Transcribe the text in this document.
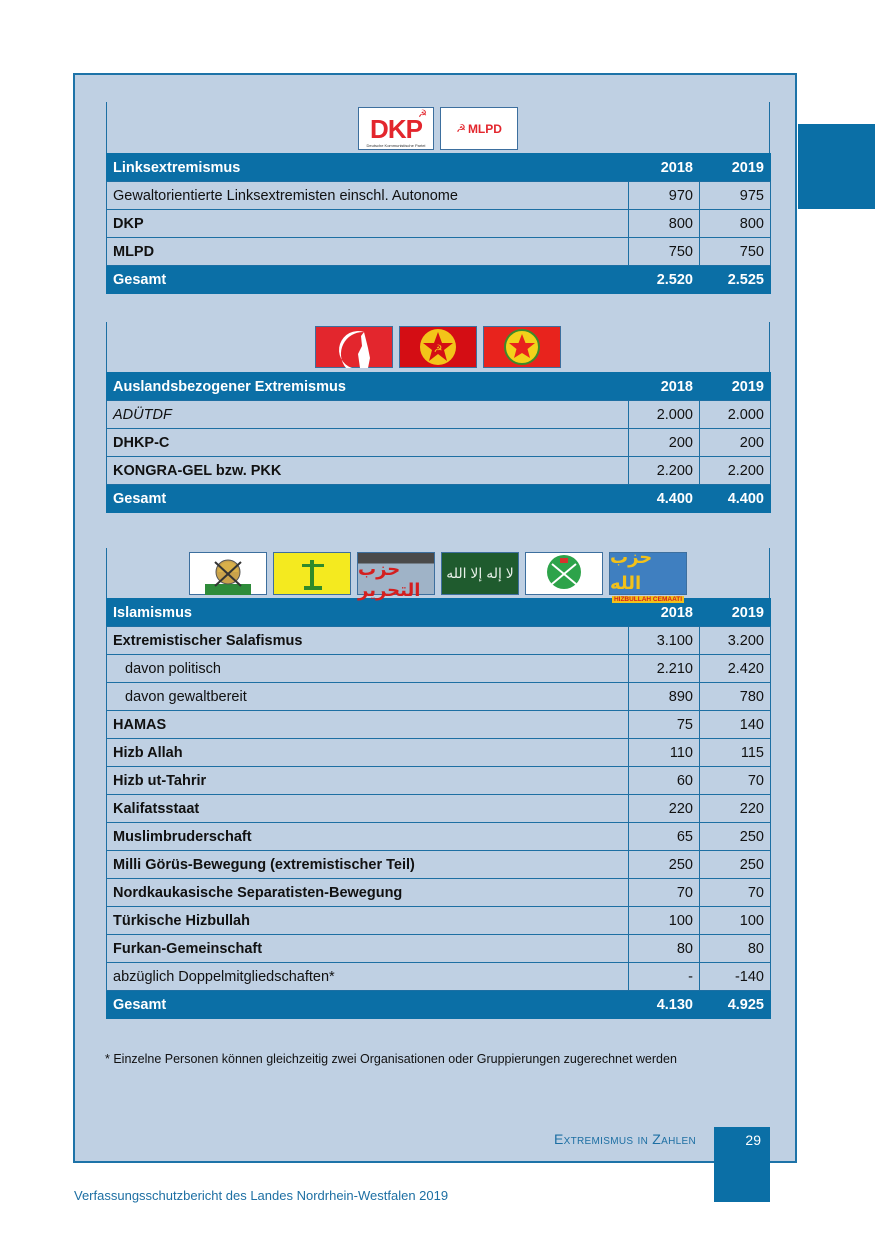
☭
DKP
Deutsche Kommunistische Partei
☭ MLPD
Linksextremismus	2018	2019
Gewaltorientierte Linksextremisten einschl. Autonome	970	975
DKP	800	800
MLPD	750	750
Gesamt	2.520	2.525
☭
Auslandsbezogener Extremismus	2018	2019
ADÜTDF	2.000	2.000
DHKP-C	200	200
KONGRA-GEL bzw. PKK	2.200	2.200
Gesamt	4.400	4.400
حزب التحرير
لا إله إلا الله
حزب الله
HIZBULLAH CEMAATI
Islamismus	2018	2019
Extremistischer Salafismus	3.100	3.200
davon politisch	2.210	2.420
davon gewaltbereit	890	780
HAMAS	75	140
Hizb Allah	110	115
Hizb ut-Tahrir	60	70
Kalifatsstaat	220	220
Muslimbruderschaft	65	250
Milli Görüs-Bewegung (extremistischer Teil)	250	250
Nordkaukasische Separatisten-Bewegung	70	70
Türkische Hizbullah	100	100
Furkan-Gemeinschaft	80	80
abzüglich Doppelmitgliedschaften*	-	-140
Gesamt	4.130	4.925
* Einzelne Personen können gleichzeitig zwei Organisationen oder Gruppierungen zugerechnet werden
Extremismus in Zahlen	29
Verfassungsschutzbericht des Landes Nordrhein-Westfalen 2019
